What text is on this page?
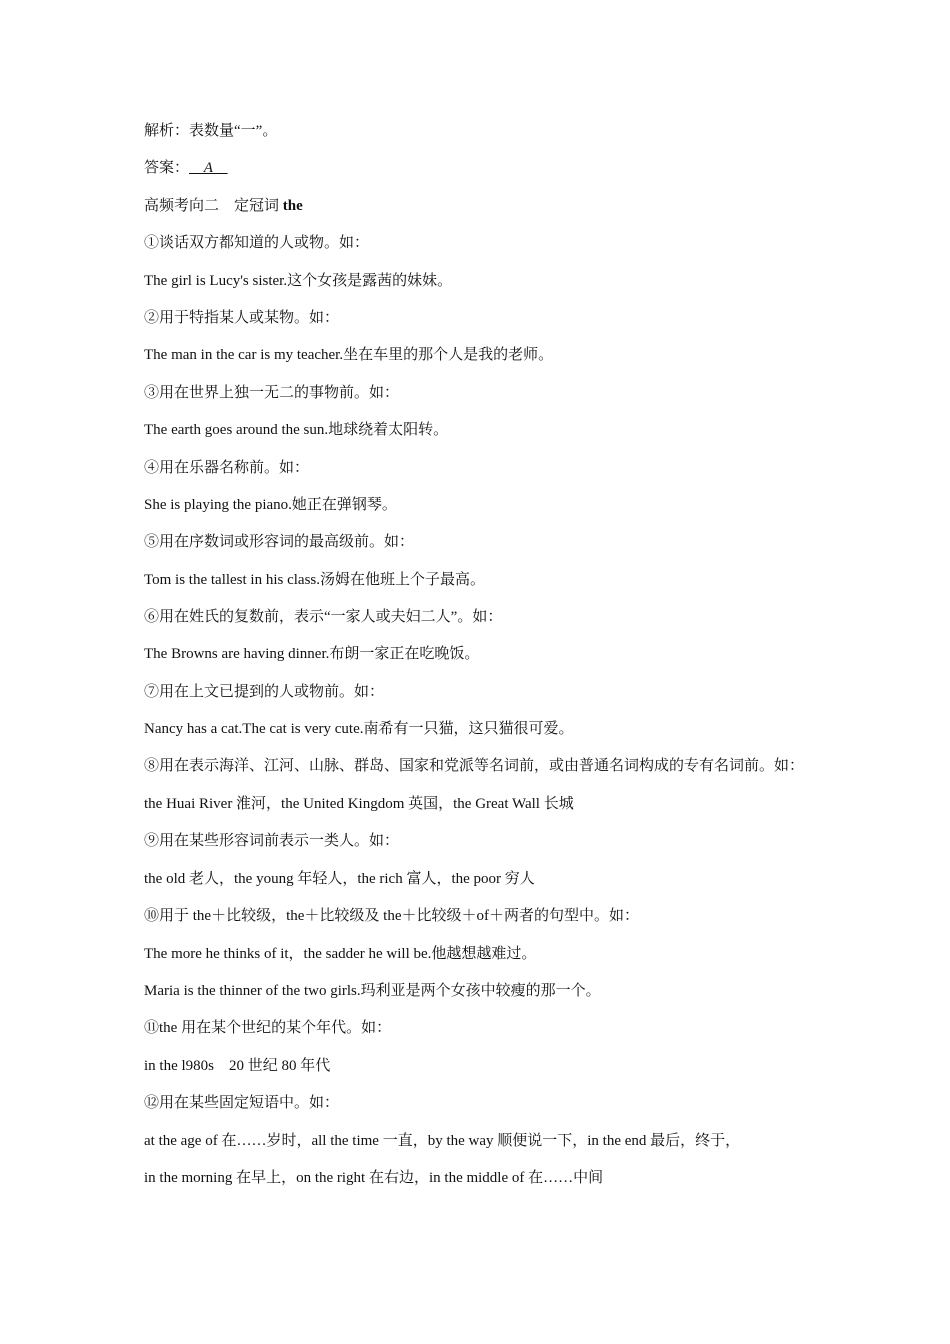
解析：表数量“一”。
答案：    A
高频考向二 定冠词 the
①谈话双方都知道的人或物。如：
The girl is Lucy's sister.这个女孩是露茜的妹妹。
②用于特指某人或某物。如：
The man in the car is my teacher.坐在车里的那个人是我的老师。
③用在世界上独一无二的事物前。如：
The earth goes around the sun.地球绕着太阳转。
④用在乐器名称前。如：
She is playing the piano.她正在弹钢琴。
⑤用在序数词或形容词的最高级前。如：
Tom is the tallest in his class.汤姆在他班上个子最高。
⑥用在姓氏的复数前，表示“一家人或夫妇二人”。如：
The Browns are having dinner.布朗一家正在吃晚饭。
⑦用在上文已提到的人或物前。如：
Nancy has a cat.The cat is very cute.南希有一只猫，这只猫很可爱。
⑧用在表示海洋、江河、山脉、群岛、国家和党派等名词前，或由普通名词构成的专有名词前。如：
the Huai River 淮河，the United Kingdom 英国，the Great Wall 长城
⑨用在某些形容词前表示一类人。如：
the old 老人，the young 年轻人，the rich 富人，the poor 穷人
⑩用于 the＋比较级，the＋比较级及 the＋比较级＋of＋两者的句型中。如：
The more he thinks of it，the sadder he will be.他越想越难过。
Maria is the thinner of the two girls.玛利亚是两个女孩中较瘦的那一个。
⑪the 用在某个世纪的某个年代。如：
in the l980s    20 世纪 80 年代
⑫用在某些固定短语中。如：
at the age of 在……岁时，all the time 一直，by the way 顺便说一下，in the end 最后，终于，
in the morning 在早上，on the right 在右边，in the middle of 在……中间
